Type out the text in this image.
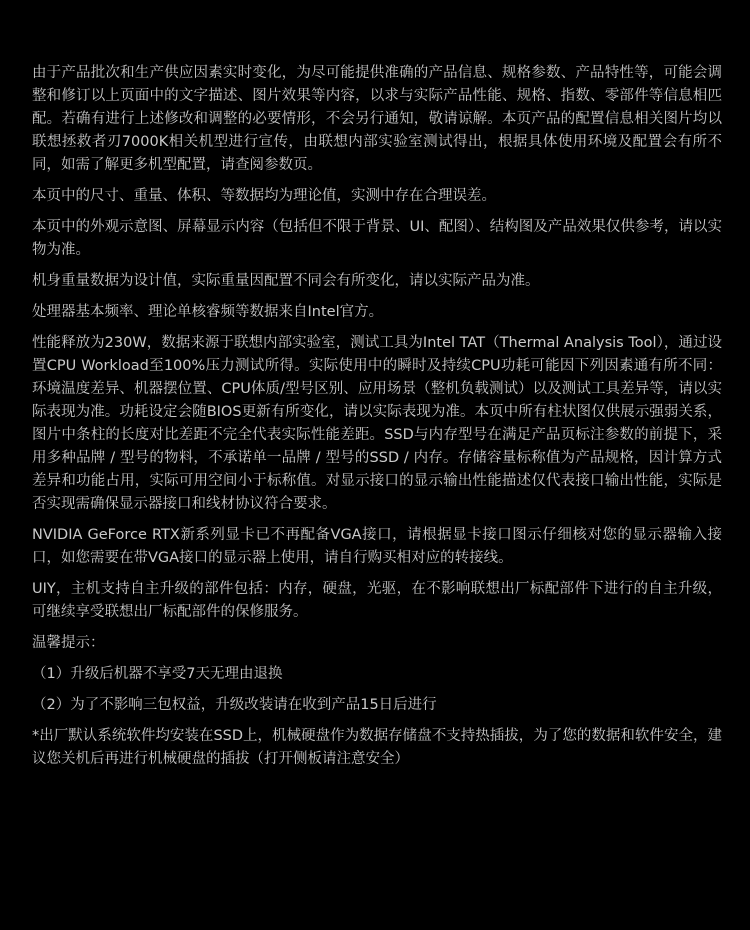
由于产品批次和生产供应因素实时变化，为尽可能提供准确的产品信息、规格参数、产品特性等，可能会调整和修订以上页面中的文字描述、图片效果等内容，以求与实际产品性能、规格、指数、零部件等信息相匹配。若确有进行上述修改和调整的必要情形，不会另行通知，敬请谅解。本页产品的配置信息相关图片均以联想拯救者刃7000K相关机型进行宣传，由联想内部实验室测试得出，根据具体使用环境及配置会有所不同，如需了解更多机型配置，请查阅参数页。

本页中的尺寸、重量、体积、等数据均为理论值，实测中存在合理误差。

本页中的外观示意图、屏幕显示内容（包括但不限于背景、UI、配图）、结构图及产品效果仅供参考，请以实物为准。

机身重量数据为设计值，实际重量因配置不同会有所变化，请以实际产品为准。

处理器基本频率、理论单核睿频等数据来自Intel官方。

性能释放为230W，数据来源于联想内部实验室，测试工具为Intel TAT（Thermal Analysis Tool），通过设置CPU Workload至100%压力测试所得。实际使用中的瞬时及持续CPU功耗可能因下列因素通有所不同：环境温度差异、机器摆位置、CPU体质/型号区别、应用场景（整机负载测试）以及测试工具差异等，请以实际表现为准。功耗设定会随BIOS更新有所变化，请以实际表现为准。本页中所有柱状图仅供展示强弱关系，图片中条柱的长度对比差距不完全代表实际性能差距。SSD与内存型号在满足产品页标注参数的前提下，采用多种品牌 / 型号的物料，不承诺单一品牌 / 型号的SSD / 内存。存储容量标称值为产品规格，因计算方式差异和功能占用，实际可用空间小于标称值。对显示接口的显示输出性能描述仅代表接口输出性能，实际是否实现需确保显示器接口和线材协议符合要求。

NVIDIA GeForce RTX新系列显卡已不再配备VGA接口，请根据显卡接口图示仔细核对您的显示器输入接口，如您需要在带VGA接口的显示器上使用，请自行购买相对应的转接线。

UIY，主机支持自主升级的部件包括：内存，硬盘，光驱，在不影响联想出厂标配部件下进行的自主升级，可继续享受联想出厂标配部件的保修服务。

温馨提示：

（1）升级后机器不享受7天无理由退换

（2）为了不影响三包权益，升级改装请在收到产品15日后进行

*出厂默认系统软件均安装在SSD上，机械硬盘作为数据存储盘不支持热插拔，为了您的数据和软件安全，建议您关机后再进行机械硬盘的插拔（打开侧板请注意安全）
